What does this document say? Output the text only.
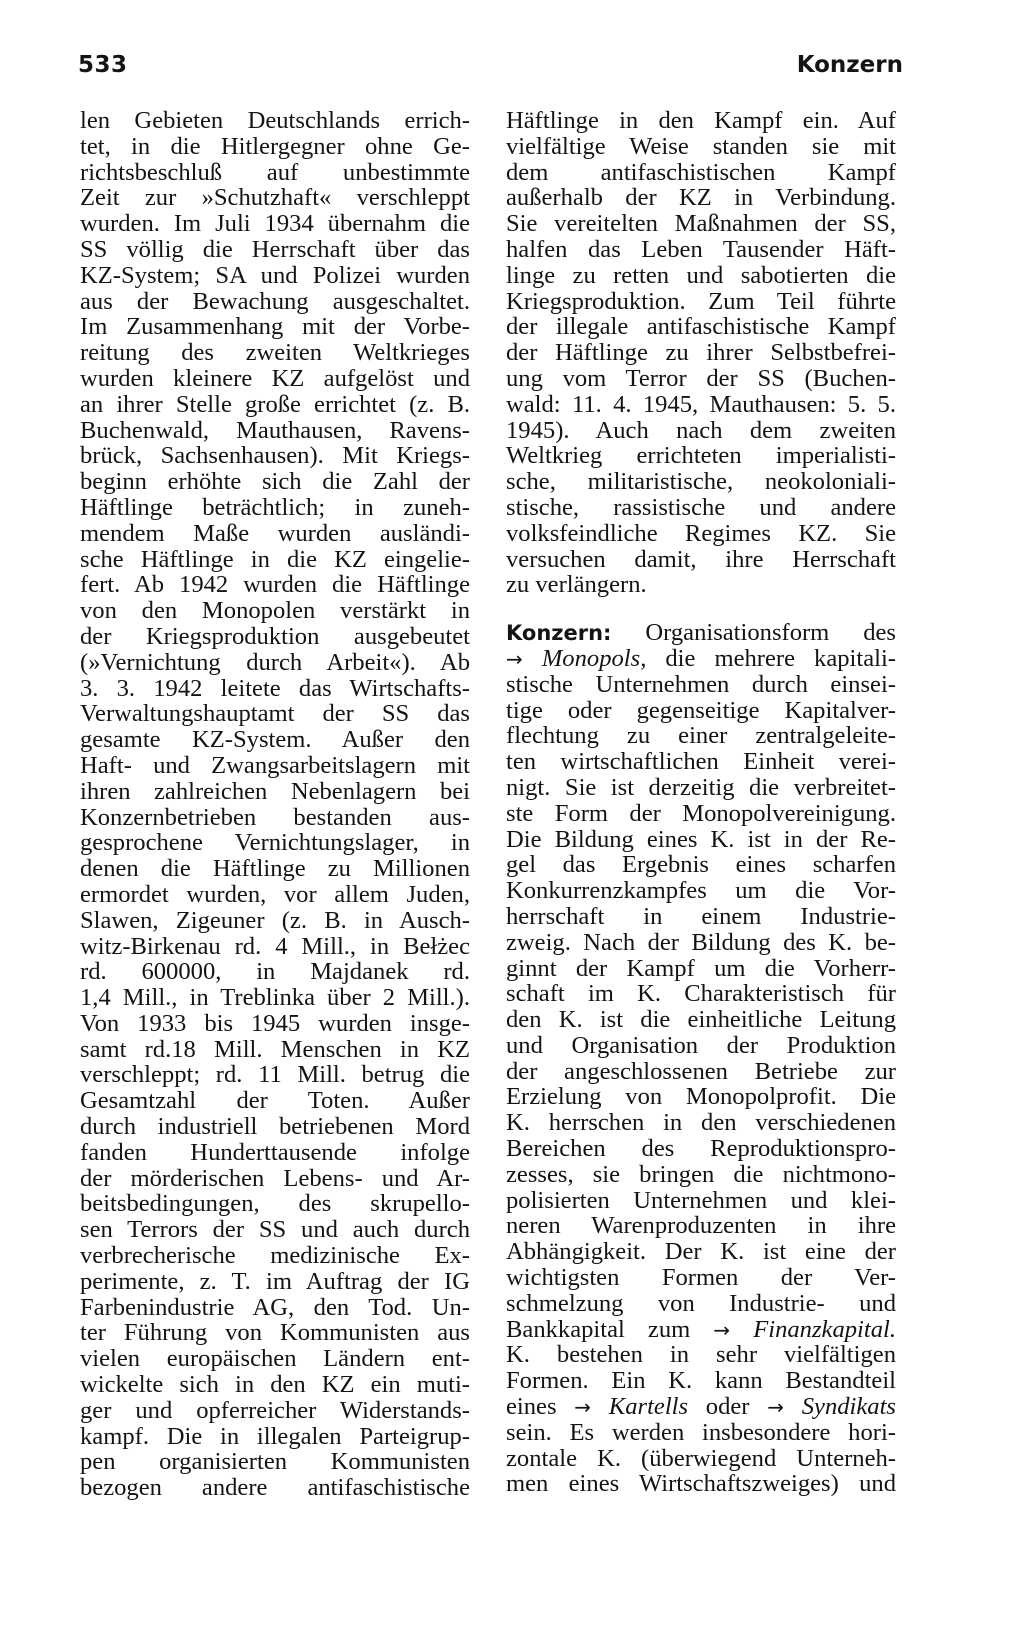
533	Konzern
len Gebieten Deutschlands errich-
tet, in die Hitlergegner ohne Ge-
richtsbeschluß auf unbestimmte
Zeit zur »Schutzhaft« verschleppt
wurden. Im Juli 1934 übernahm die
SS völlig die Herrschaft über das
KZ-System; SA und Polizei wurden
aus der Bewachung ausgeschaltet.
Im Zusammenhang mit der Vorbe-
reitung des zweiten Weltkrieges
wurden kleinere KZ aufgelöst und
an ihrer Stelle große errichtet (z. B.
Buchenwald, Mauthausen, Ravens-
brück, Sachsenhausen). Mit Kriegs-
beginn erhöhte sich die Zahl der
Häftlinge beträchtlich; in zuneh-
mendem Maße wurden ausländi-
sche Häftlinge in die KZ eingelie-
fert. Ab 1942 wurden die Häftlinge
von den Monopolen verstärkt in
der Kriegsproduktion ausgebeutet
(»Vernichtung durch Arbeit«). Ab
3. 3. 1942 leitete das Wirtschafts-
Verwaltungshauptamt der SS das
gesamte KZ-System. Außer den
Haft- und Zwangsarbeitslagern mit
ihren zahlreichen Nebenlagern bei
Konzernbetrieben bestanden aus-
gesprochene Vernichtungslager, in
denen die Häftlinge zu Millionen
ermordet wurden, vor allem Juden,
Slawen, Zigeuner (z. B. in Ausch-
witz-Birkenau rd. 4 Mill., in Bełżec
rd. 600000, in Majdanek rd.
1,4 Mill., in Treblinka über 2 Mill.).
Von 1933 bis 1945 wurden insge-
samt rd.18 Mill. Menschen in KZ
verschleppt; rd. 11 Mill. betrug die
Gesamtzahl der Toten. Außer
durch industriell betriebenen Mord
fanden Hunderttausende infolge
der mörderischen Lebens- und Ar-
beitsbedingungen, des skrupello-
sen Terrors der SS und auch durch
verbrecherische medizinische Ex-
perimente, z. T. im Auftrag der IG
Farbenindustrie AG, den Tod. Un-
ter Führung von Kommunisten aus
vielen europäischen Ländern ent-
wickelte sich in den KZ ein muti-
ger und opferreicher Widerstands-
kampf. Die in illegalen Parteigrup-
pen organisierten Kommunisten
bezogen andere antifaschistische
Häftlinge in den Kampf ein. Auf
vielfältige Weise standen sie mit
dem antifaschistischen Kampf
außerhalb der KZ in Verbindung.
Sie vereitelten Maßnahmen der SS,
halfen das Leben Tausender Häft-
linge zu retten und sabotierten die
Kriegsproduktion. Zum Teil führte
der illegale antifaschistische Kampf
der Häftlinge zu ihrer Selbstbefrei-
ung vom Terror der SS (Buchen-
wald: 11. 4. 1945, Mauthausen: 5. 5.
1945). Auch nach dem zweiten
Weltkrieg errichteten imperialisti-
sche, militaristische, neokoloniali-
stische, rassistische und andere
volksfeindliche Regimes KZ. Sie
versuchen damit, ihre Herrschaft
zu verlängern.
Konzern: Organisationsform des
→ Monopols, die mehrere kapitali-
stische Unternehmen durch einsei-
tige oder gegenseitige Kapitalver-
flechtung zu einer zentralgeleite-
ten wirtschaftlichen Einheit verei-
nigt. Sie ist derzeitig die verbreitet-
ste Form der Monopolvereinigung.
Die Bildung eines K. ist in der Re-
gel das Ergebnis eines scharfen
Konkurrenzkampfes um die Vor-
herrschaft in einem Industrie-
zweig. Nach der Bildung des K. be-
ginnt der Kampf um die Vorherr-
schaft im K. Charakteristisch für
den K. ist die einheitliche Leitung
und Organisation der Produktion
der angeschlossenen Betriebe zur
Erzielung von Monopolprofit. Die
K. herrschen in den verschiedenen
Bereichen des Reproduktionspro-
zesses, sie bringen die nichtmono-
polisierten Unternehmen und klei-
neren Warenproduzenten in ihre
Abhängigkeit. Der K. ist eine der
wichtigsten Formen der Ver-
schmelzung von Industrie- und
Bankkapital zum → Finanzkapital.
K. bestehen in sehr vielfältigen
Formen. Ein K. kann Bestandteil
eines → Kartells oder → Syndikats
sein. Es werden insbesondere hori-
zontale K. (überwiegend Unterneh-
men eines Wirtschaftszweiges) und
